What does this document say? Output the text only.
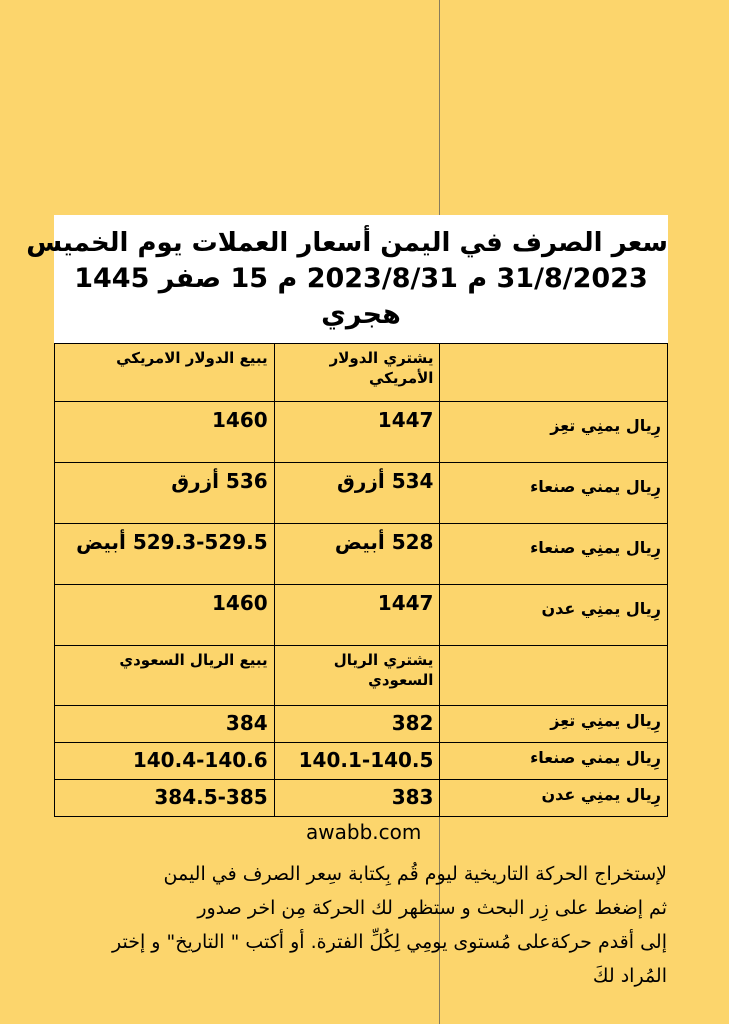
سعر الصرف في اليمن أسعار العملات يوم الخميس

31/8/2023 م 2023/8/31 م 15 صفر 1445

هجري

	يشتري الدولار الأمريكي	يبيع الدولار الامريكي
رِيال يمنِي تعِز	1447	1460
رِيال يمني صنعاء	534 أزرق	536 أزرق
رِيال يمنِي صنعاء	528 أبيض	529.3-529.5 أبيض
رِيال يمنِي عدن	1447	1460
	يشتري الريال السعودي	يبيع الريال السعودي
رِيال يمنِي تعِز	382	384
رِيال يمني صنعاء	140.1-140.5	140.4-140.6
رِيال يمنِي عدن	383	384.5-385
awabb.com

لإستخراج الحركة التاريخية ليوم قُم بِكتابة سِعر الصرف في اليمن

ثم إضغط على زِر البحث و ستظهر لك الحركة مِن اخر صدور

إلى أقدم حركةعلى مُستوى يومِي لِكُلِّ الفترة. أو أكتب " التاريخ" و إختر

المُراد لكَ
